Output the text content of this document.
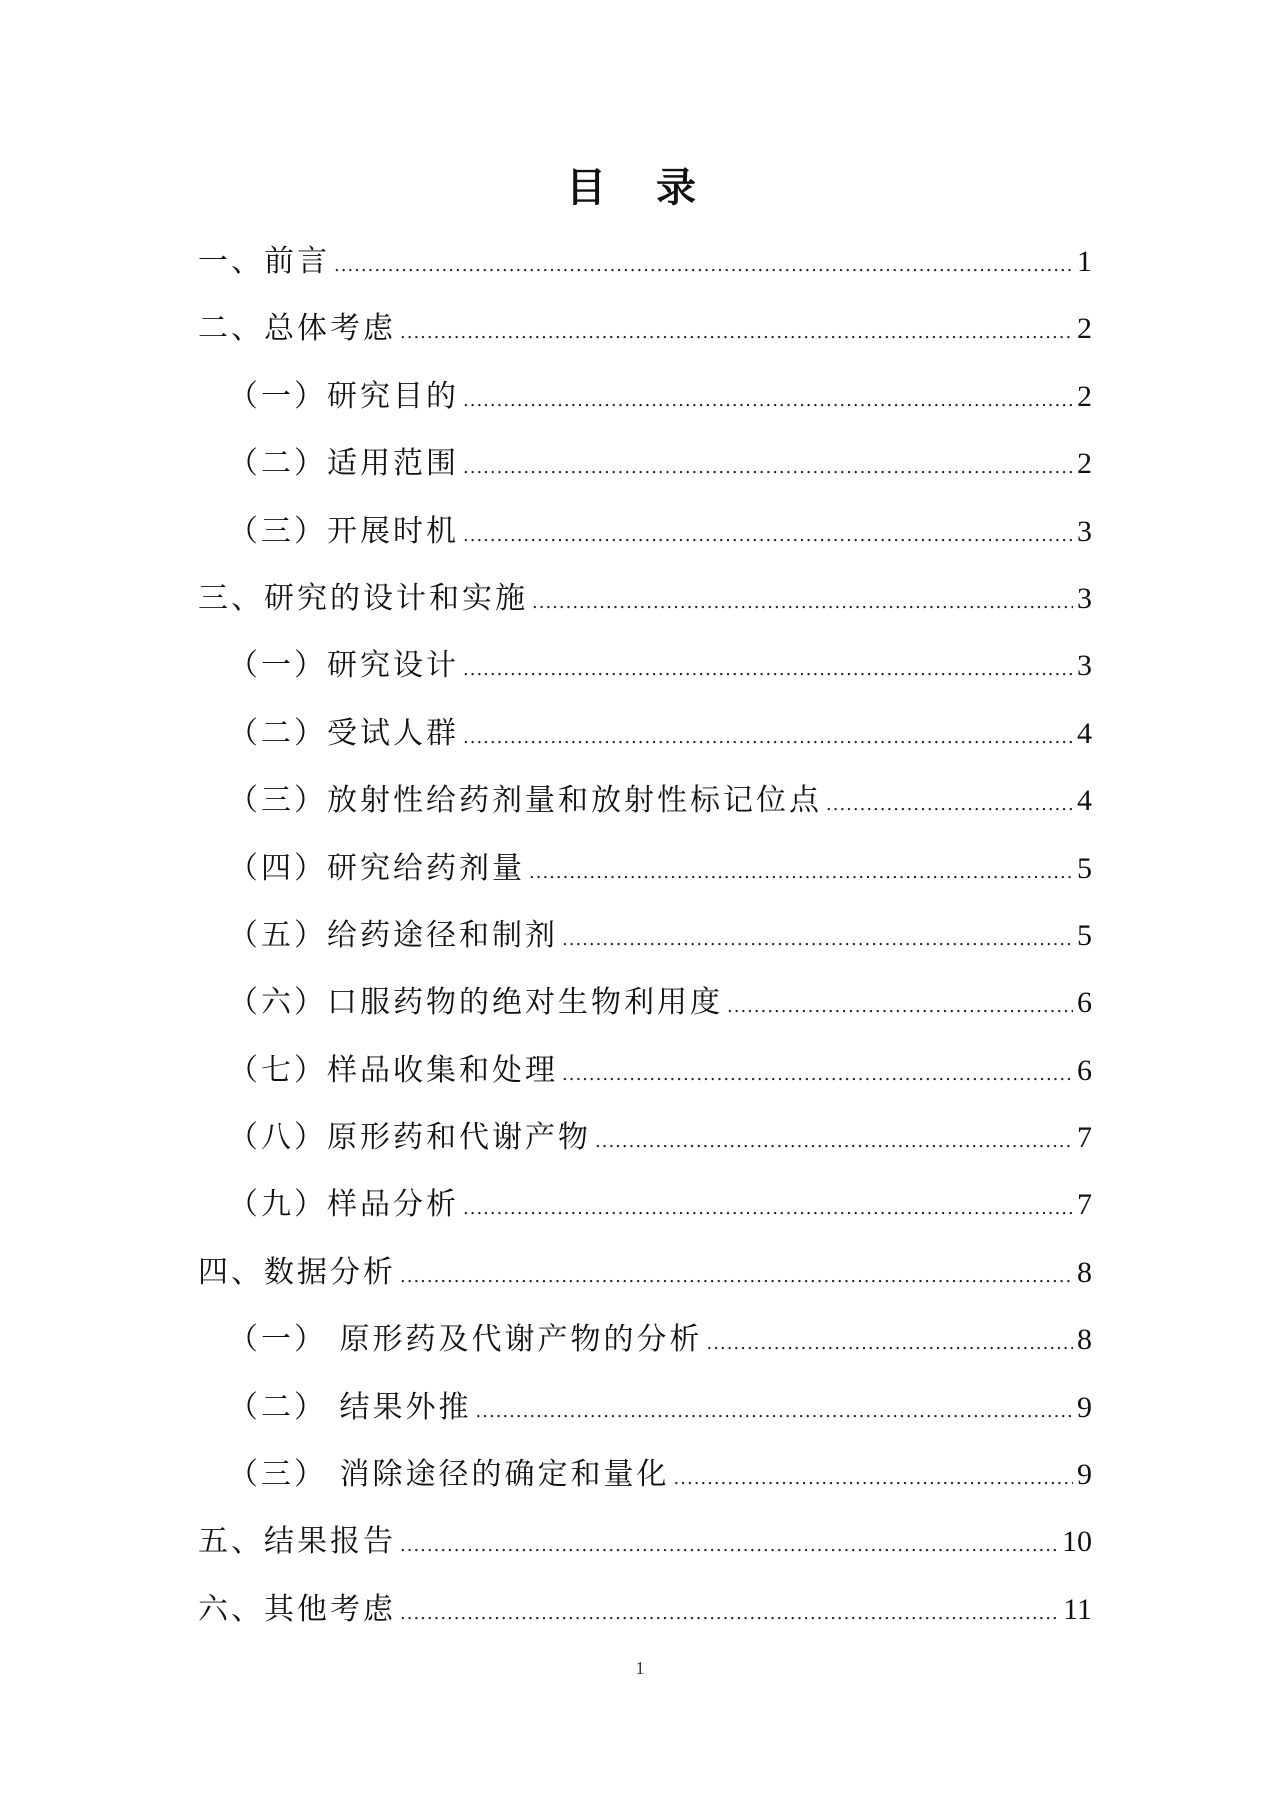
目 录
一、前言 .....	1
二、总体考虑 .....	2
（一）研究目的 .....	2
（二）适用范围 .....	2
（三）开展时机 .....	3
三、研究的设计和实施 .....	3
（一）研究设计 .....	3
（二）受试人群 .....	4
（三）放射性给药剂量和放射性标记位点 .....	4
（四）研究给药剂量 .....	5
（五）给药途径和制剂 .....	5
（六）口服药物的绝对生物利用度 .....	6
（七）样品收集和处理 .....	6
（八）原形药和代谢产物 .....	7
（九）样品分析 .....	7
四、数据分析 .....	8
（一） 原形药及代谢产物的分析 .....	8
（二） 结果外推 .....	9
（三） 消除途径的确定和量化 .....	9
五、结果报告 .....	10
六、其他考虑 .....	11
1
